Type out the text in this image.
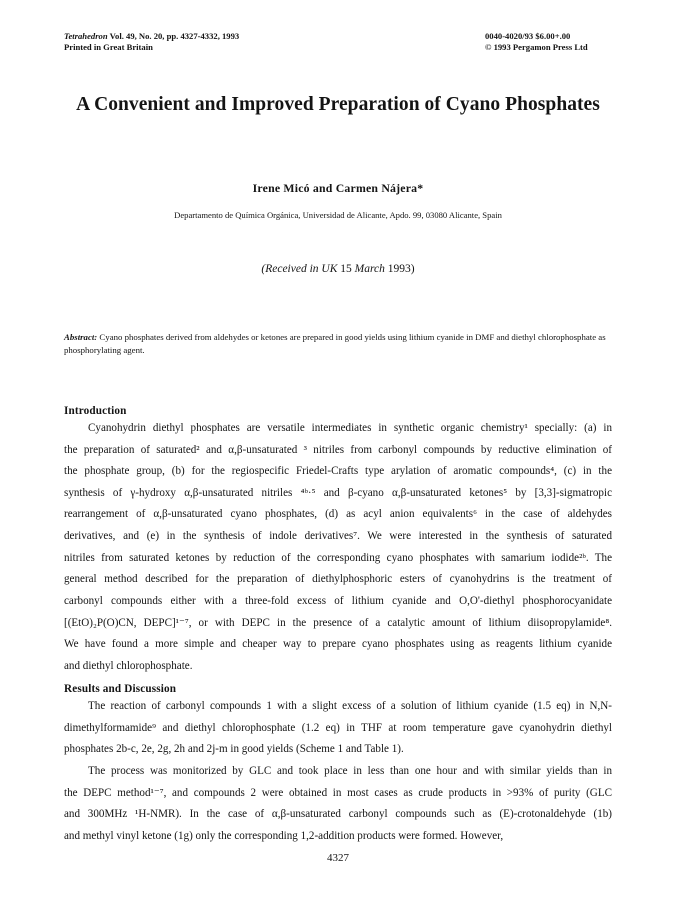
Tetrahedron Vol. 49, No. 20, pp. 4327-4332, 1993
Printed in Great Britain
0040-4020/93 $6.00+.00
© 1993 Pergamon Press Ltd
A Convenient and Improved Preparation of Cyano Phosphates
Irene Micó and Carmen Nájera*
Departamento de Química Orgánica, Universidad de Alicante, Apdo. 99, 03080 Alicante, Spain
(Received in UK 15 March 1993)
Abstract: Cyano phosphates derived from aldehydes or ketones are prepared in good yields using lithium cyanide in DMF and diethyl chlorophosphate as phosphorylating agent.
Introduction
Cyanohydrin diethyl phosphates are versatile intermediates in synthetic organic chemistry¹ specially: (a) in
the preparation of saturated² and α,β-unsaturated ³ nitriles from carbonyl compounds by reductive elimination of
the phosphate group, (b) for the regiospecific Friedel-Crafts type arylation of aromatic compounds⁴, (c) in the
synthesis of γ-hydroxy α,β-unsaturated nitriles ⁴ᵇ·⁵ and β-cyano α,β-unsaturated ketones⁵ by [3,3]-sigmatropic
rearrangement of α,β-unsaturated cyano phosphates, (d) as acyl anion equivalents⁶ in the case of aldehydes
derivatives, and (e) in the synthesis of indole derivatives⁷. We were interested in the synthesis of saturated
nitriles from saturated ketones by reduction of the corresponding cyano phosphates with samarium iodide²ᵇ. The
general method described for the preparation of diethylphosphoric esters of cyanohydrins is the treatment of
carbonyl compounds either with a three-fold excess of lithium cyanide and O,O'-diethyl phosphorocyanidate
[(EtO)₂P(O)CN, DEPC]¹⁻⁷, or with DEPC in the presence of a catalytic amount of lithium diisopropylamide⁸.
We have found a more simple and cheaper way to prepare cyano phosphates using as reagents lithium cyanide
and diethyl chlorophosphate.
Results and Discussion
The reaction of carbonyl compounds 1 with a slight excess of a solution of lithium cyanide (1.5 eq) in N,N-
dimethylformamide⁹ and diethyl chlorophosphate (1.2 eq) in THF at room temperature gave cyanohydrin diethyl
phosphates 2b-c, 2e, 2g, 2h and 2j-m in good yields (Scheme 1 and Table 1).
The process was monitorized by GLC and took place in less than one hour and with similar yields than in
the DEPC method¹⁻⁷, and compounds 2 were obtained in most cases as crude products in >93% of purity (GLC
and 300MHz ¹H-NMR). In the case of α,β-unsaturated carbonyl compounds such as (E)-crotonaldehyde (1b)
and methyl vinyl ketone (1g) only the corresponding 1,2-addition products were formed. However,
4327
